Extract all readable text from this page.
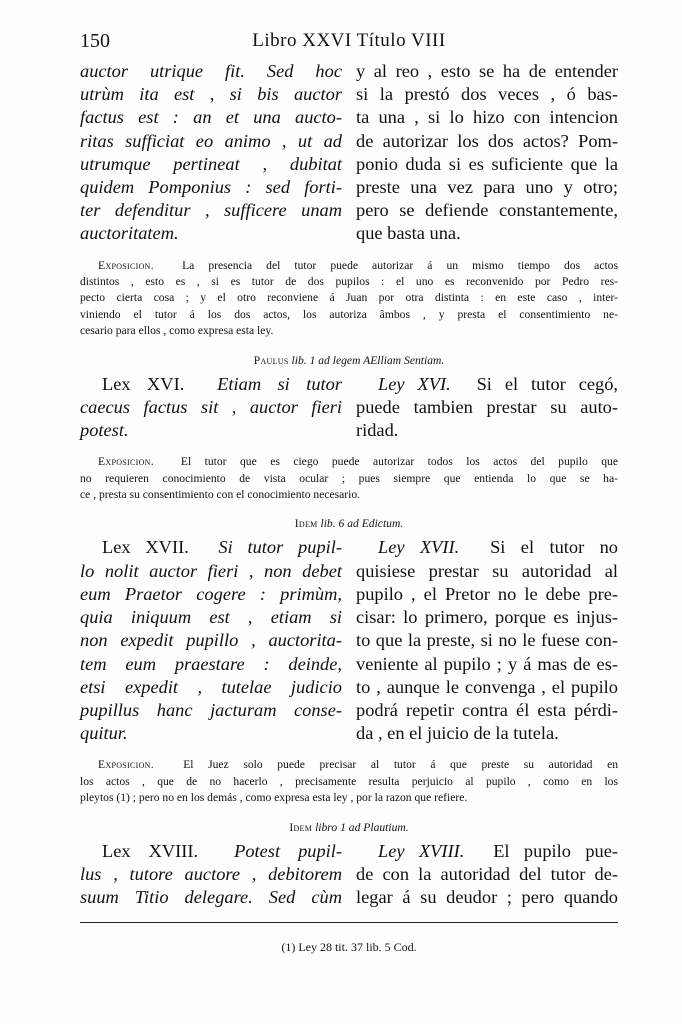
150	Libro XXVI Título VIII
auctor utrique fit. Sed hoc
utrùm ita est , si bis auctor
factus est : an et una aucto-
ritas sufficiat eo animo , ut ad
utrumque pertineat , dubitat
quidem Pomponius : sed forti-
ter defenditur , sufficere unam
auctoritatem.
y al reo , esto se ha de entender
si la prestó dos veces , ó bas-
ta una , si lo hizo con intencion
de autorizar los dos actos? Pom-
ponio duda si es suficiente que la
preste una vez para uno y otro;
pero se defiende constantemente,
que basta una.
Exposicion. La presencia del tutor puede autorizar á un mismo tiempo dos actos
distintos , esto es , si es tutor de dos pupilos : el uno es reconvenido por Pedro res-
pecto cierta cosa ; y el otro reconviene á Juan por otra distinta : en este caso , inter-
viniendo el tutor á los dos actos, los autoriza âmbos , y presta el consentimiento ne-
cesario para ellos , como expresa esta ley.
Paulus lib. 1 ad legem AElliam Sentiam.
Lex XVI. Etiam si tutor
caecus factus sit , auctor fieri
potest.
Ley XVI. Si el tutor cegó,
puede tambien prestar su auto-
ridad.
Exposicion. El tutor que es ciego puede autorizar todos los actos del pupilo que
no requieren conocimiento de vista ocular ; pues siempre que entienda lo que se ha-
ce , presta su consentimiento con el conocimiento necesario.
Idem lib. 6 ad Edictum.
Lex XVII. Si tutor pupil-
lo nolit auctor fieri , non debet
eum Praetor cogere : primùm,
quia iniquum est , etiam si
non expedit pupillo , auctorita-
tem eum praestare : deinde,
etsi expedit , tutelae judicio
pupillus hanc jacturam conse-
quitur.
Ley XVII. Si el tutor no
quisiese prestar su autoridad al
pupilo , el Pretor no le debe pre-
cisar: lo primero, porque es injus-
to que la preste, si no le fuese con-
veniente al pupilo ; y á mas de es-
to , aunque le convenga , el pupilo
podrá repetir contra él esta pérdi-
da , en el juicio de la tutela.
Exposicion.	El Juez solo puede precisar al tutor á que preste su autoridad en
los actos , que de no hacerlo , precisamente resulta perjuicio al pupilo , como en los
pleytos (1) ; pero no en los demás , como expresa esta ley , por la razon que refiere.
Idem libro 1 ad Plautium.
Lex XVIII. Potest pupil-
lus , tutore auctore , debitorem
suum Titio delegare. Sed cùm
Ley XVIII. El pupilo pue-
de con la autoridad del tutor de-
legar á su deudor ; pero quando
(1) Ley 28 tit. 37 lib. 5 Cod.
